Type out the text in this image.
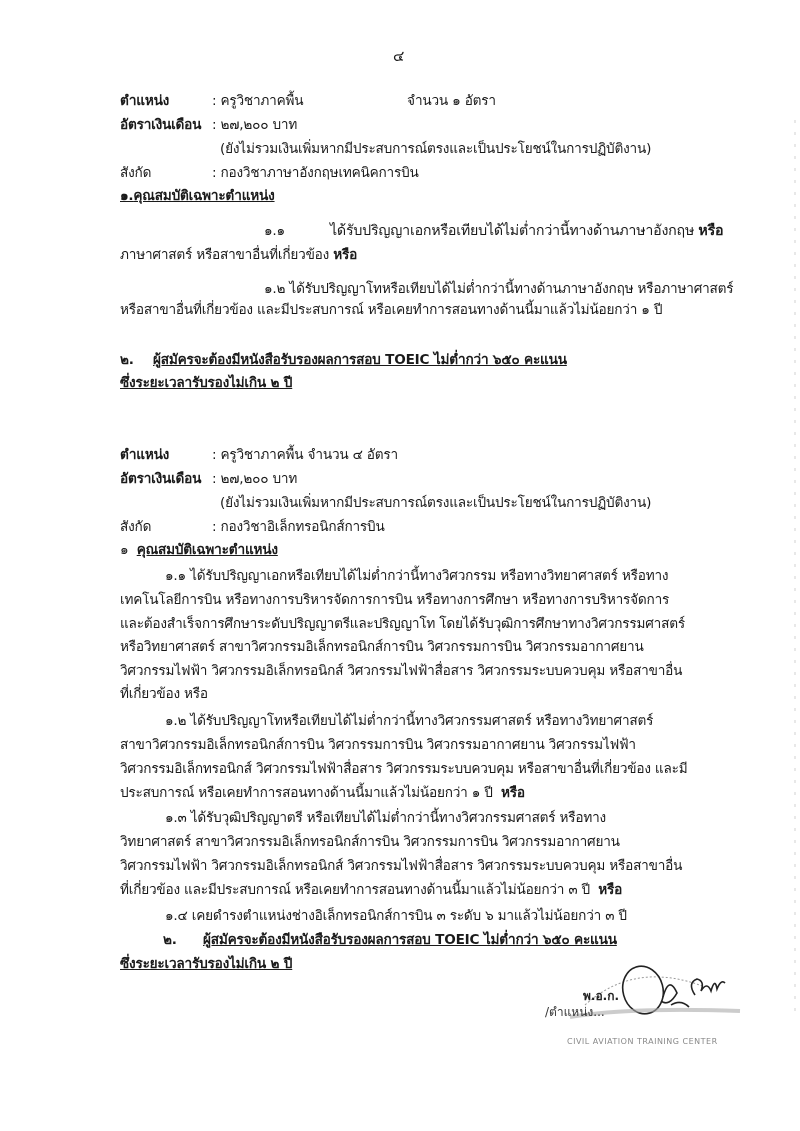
๔
ตำแหน่ง	: ครูวิชาภาคพื้น	จำนวน ๑ อัตรา
อัตราเงินเดือน : ๒๗,๒๐๐ บาท
(ยังไม่รวมเงินเพิ่มหากมีประสบการณ์ตรงและเป็นประโยชน์ในการปฏิบัติงาน)
สังกัด	: กองวิชาภาษาอังกฤษเทคนิคการบิน
๑.คุณสมบัติเฉพาะตำแหน่ง
๑.๑	ได้รับปริญญาเอกหรือเทียบได้ไม่ต่ำกว่านี้ทางด้านภาษาอังกฤษ หรือ
ภาษาศาสตร์ หรือสาขาอื่นที่เกี่ยวข้อง หรือ
๑.๒ ได้รับปริญญาโทหรือเทียบได้ไม่ต่ำกว่านี้ทางด้านภาษาอังกฤษ หรือภาษาศาสตร์
หรือสาขาอื่นที่เกี่ยวข้อง และมีประสบการณ์ หรือเคยทำการสอนทางด้านนี้มาแล้วไม่น้อยกว่า ๑ ปี
๒. ผู้สมัครจะต้องมีหนังสือรับรองผลการสอบ TOEIC ไม่ต่ำกว่า ๖๕๐ คะแนน
ซึ่งระยะเวลารับรองไม่เกิน ๒ ปี
ตำแหน่ง	: ครูวิชาภาคพื้น จำนวน ๔ อัตรา
อัตราเงินเดือน : ๒๗,๒๐๐ บาท
(ยังไม่รวมเงินเพิ่มหากมีประสบการณ์ตรงและเป็นประโยชน์ในการปฏิบัติงาน)
สังกัด	: กองวิชาอิเล็กทรอนิกส์การบิน
๑ คุณสมบัติเฉพาะตำแหน่ง
๑.๑ ได้รับปริญญาเอกหรือเทียบได้ไม่ต่ำกว่านี้ทางวิศวกรรม หรือทางวิทยาศาสตร์ หรือทาง
เทคโนโลยีการบิน หรือทางการบริหารจัดการการบิน หรือทางการศึกษา หรือทางการบริหารจัดการ
และต้องสำเร็จการศึกษาระดับปริญญาตรีและปริญญาโท โดยได้รับวุฒิการศึกษาทางวิศวกรรมศาสตร์
หรือวิทยาศาสตร์ สาขาวิศวกรรมอิเล็กทรอนิกส์การบิน วิศวกรรมการบิน วิศวกรรมอากาศยาน
วิศวกรรมไฟฟ้า วิศวกรรมอิเล็กทรอนิกส์ วิศวกรรมไฟฟ้าสื่อสาร วิศวกรรมระบบควบคุม หรือสาขาอื่น
ที่เกี่ยวข้อง หรือ
๑.๒ ได้รับปริญญาโทหรือเทียบได้ไม่ต่ำกว่านี้ทางวิศวกรรมศาสตร์ หรือทางวิทยาศาสตร์
สาขาวิศวกรรมอิเล็กทรอนิกส์การบิน วิศวกรรมการบิน วิศวกรรมอากาศยาน วิศวกรรมไฟฟ้า
วิศวกรรมอิเล็กทรอนิกส์ วิศวกรรมไฟฟ้าสื่อสาร วิศวกรรมระบบควบคุม หรือสาขาอื่นที่เกี่ยวข้อง และมี
ประสบการณ์ หรือเคยทำการสอนทางด้านนี้มาแล้วไม่น้อยกว่า ๑ ปี หรือ
๑.๓ ได้รับวุฒิปริญญาตรี หรือเทียบได้ไม่ต่ำกว่านี้ทางวิศวกรรมศาสตร์ หรือทาง
วิทยาศาสตร์ สาขาวิศวกรรมอิเล็กทรอนิกส์การบิน วิศวกรรมการบิน วิศวกรรมอากาศยาน
วิศวกรรมไฟฟ้า วิศวกรรมอิเล็กทรอนิกส์ วิศวกรรมไฟฟ้าสื่อสาร วิศวกรรมระบบควบคุม หรือสาขาอื่น
ที่เกี่ยวข้อง และมีประสบการณ์ หรือเคยทำการสอนทางด้านนี้มาแล้วไม่น้อยกว่า ๓ ปี หรือ
๑.๔ เคยดำรงตำแหน่งช่างอิเล็กทรอนิกส์การบิน ๓ ระดับ ๖ มาแล้วไม่น้อยกว่า ๓ ปี
๒. ผู้สมัครจะต้องมีหนังสือรับรองผลการสอบ TOEIC ไม่ต่ำกว่า ๖๕๐ คะแนน
ซึ่งระยะเวลารับรองไม่เกิน ๒ ปี
/ตำแหน่ง...
พ.อ.ก.
CIVIL AVIATION TRAINING CENTER
